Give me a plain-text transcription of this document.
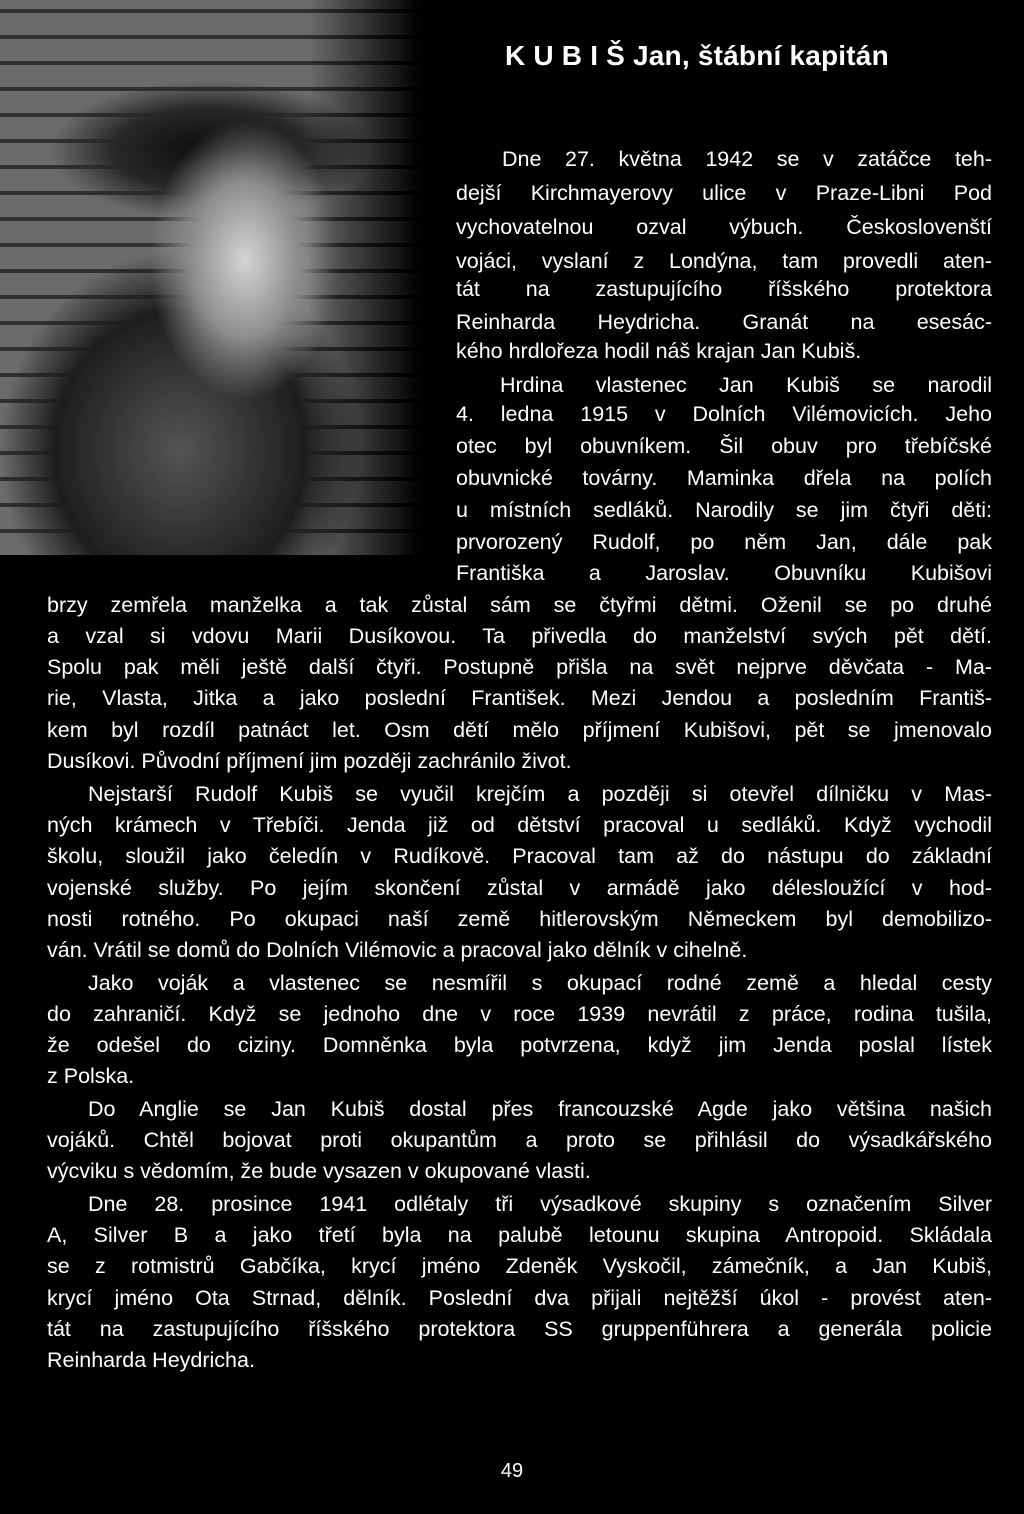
K U B I Š Jan, štábní kapitán

Dne 27. května 1942 se v zatáčce teh-

dejší Kirchmayerovy ulice v Praze-Libni Pod

vychovatelnou ozval výbuch. Českoslovenští

vojáci, vyslaní z Londýna, tam provedli aten-

tát na zastupujícího říšského protektora

Reinharda Heydricha. Granát na esesác-

kého hrdlořeza hodil náš krajan Jan Kubiš.

Hrdina vlastenec Jan Kubiš se narodil

4. ledna 1915 v Dolních Vilémovicích. Jeho

otec byl obuvníkem. Šil obuv pro třebíčské

obuvnické továrny. Maminka dřela na polích

u místních sedláků. Narodily se jim čtyři děti:

prvorozený Rudolf, po něm Jan, dále pak

Františka a Jaroslav. Obuvníku Kubišovi

brzy zemřela manželka a tak zůstal sám se čtyřmi dětmi. Oženil se po druhé

a vzal si vdovu Marii Dusíkovou. Ta přivedla do manželství svých pět dětí.

Spolu pak měli ještě další čtyři. Postupně přišla na svět nejprve děvčata - Ma-

rie, Vlasta, Jitka a jako poslední František. Mezi Jendou a posledním Františ-

kem byl rozdíl patnáct let. Osm dětí mělo příjmení Kubišovi, pět se jmenovalo

Dusíkovi. Původní příjmení jim později zachránilo život.

Nejstarší Rudolf Kubiš se vyučil krejčím a později si otevřel dílničku v Mas-

ných krámech v Třebíči. Jenda již od dětství pracoval u sedláků. Když vychodil

školu, sloužil jako čeledín v Rudíkově. Pracoval tam až do nástupu do základní

vojenské služby. Po jejím skončení zůstal v armádě jako délesloužící v hod-

nosti rotného. Po okupaci naší země hitlerovským Německem byl demobilizo-

ván. Vrátil se domů do Dolních Vilémovic a pracoval jako dělník v cihelně.

Jako voják a vlastenec se nesmířil s okupací rodné země a hledal cesty

do zahraničí. Když se jednoho dne v roce 1939 nevrátil z práce, rodina tušila,

že odešel do ciziny. Domněnka byla potvrzena, když jim Jenda poslal lístek

z Polska.

Do Anglie se Jan Kubiš dostal přes francouzské Agde jako většina našich

vojáků. Chtěl bojovat proti okupantům a proto se přihlásil do výsadkářského

výcviku s vědomím, že bude vysazen v okupované vlasti.

Dne 28. prosince 1941 odlétaly tři výsadkové skupiny s označením Silver

A, Silver B a jako třetí byla na palubě letounu skupina Antropoid. Skládala

se z rotmistrů Gabčíka, krycí jméno Zdeněk Vyskočil, zámečník, a Jan Kubiš,

krycí jméno Ota Strnad, dělník. Poslední dva přijali nejtěžší úkol - provést aten-

tát na zastupujícího říšského protektora SS gruppenführera a generála policie

Reinharda Heydricha.

49
